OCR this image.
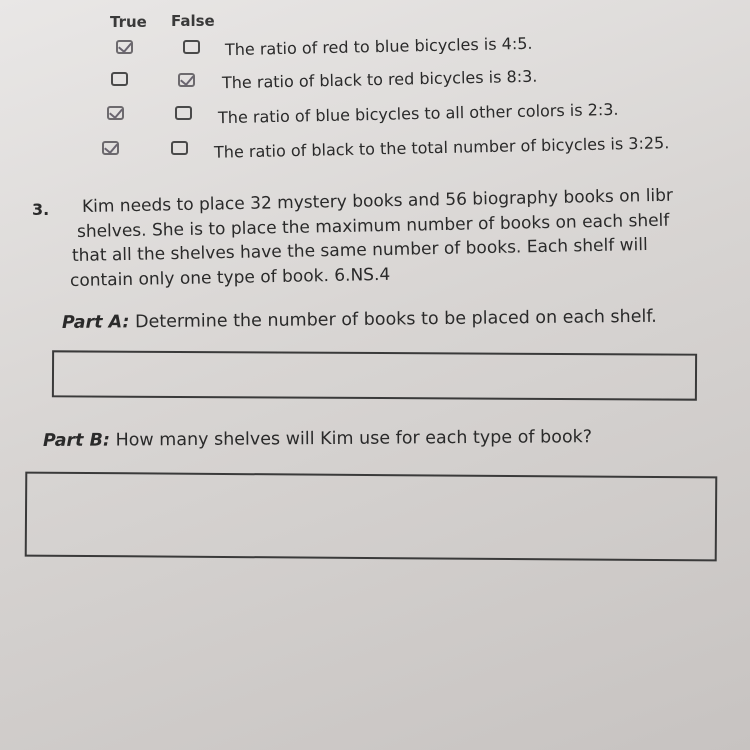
True False
The ratio of red to blue bicycles is 4:5.
The ratio of black to red bicycles is 8:3.
The ratio of blue bicycles to all other colors is 2:3.
The ratio of black to the total number of bicycles is 3:25.
3. Kim needs to place 32 mystery books and 56 biography books on libr
shelves. She is to place the maximum number of books on each shelf
that all the shelves have the same number of books. Each shelf will
contain only one type of book. 6.NS.4
Part A: Determine the number of books to be placed on each shelf.
Part B: How many shelves will Kim use for each type of book?
